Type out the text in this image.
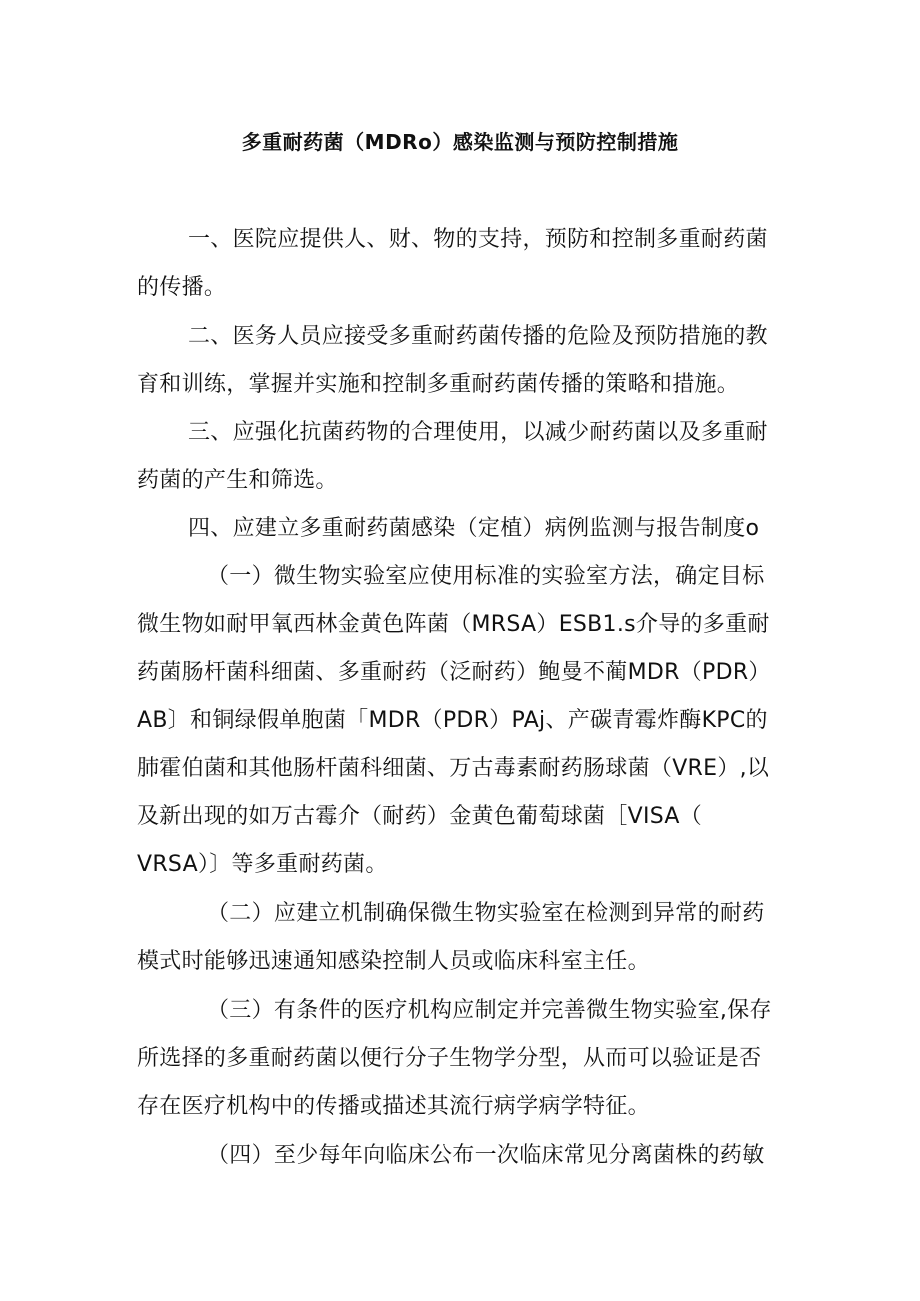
多重耐药菌（MDRo）感染监测与预防控制措施
一、医院应提供人、财、物的支持，预防和控制多重耐药菌
的传播。
二、医务人员应接受多重耐药菌传播的危险及预防措施的教
育和训练，掌握并实施和控制多重耐药菌传播的策略和措施。
三、应强化抗菌药物的合理使用，以减少耐药菌以及多重耐
药菌的产生和筛选。
四、应建立多重耐药菌感染（定植）病例监测与报告制度o
（一）微生物实验室应使用标准的实验室方法，确定目标
微生物如耐甲氧西林金黄色阵菌（MRSA）ESB1.s介导的多重耐
药菌肠杆菌科细菌、多重耐药（泛耐药）鲍曼不蔺MDR（PDR）
AB〕和铜绿假单胞菌「MDR（PDR）PAj、产碳青霉炸酶KPC的
肺霍伯菌和其他肠杆菌科细菌、万古毒素耐药肠球菌（VRE）,以
及新出现的如万古霉介（耐药）金黄色葡萄球菌［VISA（
VRSA）〕等多重耐药菌。
（二）应建立机制确保微生物实验室在检测到异常的耐药
模式时能够迅速通知感染控制人员或临床科室主任。
（三）有条件的医疗机构应制定并完善微生物实验室,保存
所选择的多重耐药菌以便行分子生物学分型，从而可以验证是否
存在医疗机构中的传播或描述其流行病学病学特征。
（四）至少每年向临床公布一次临床常见分离菌株的药敏
